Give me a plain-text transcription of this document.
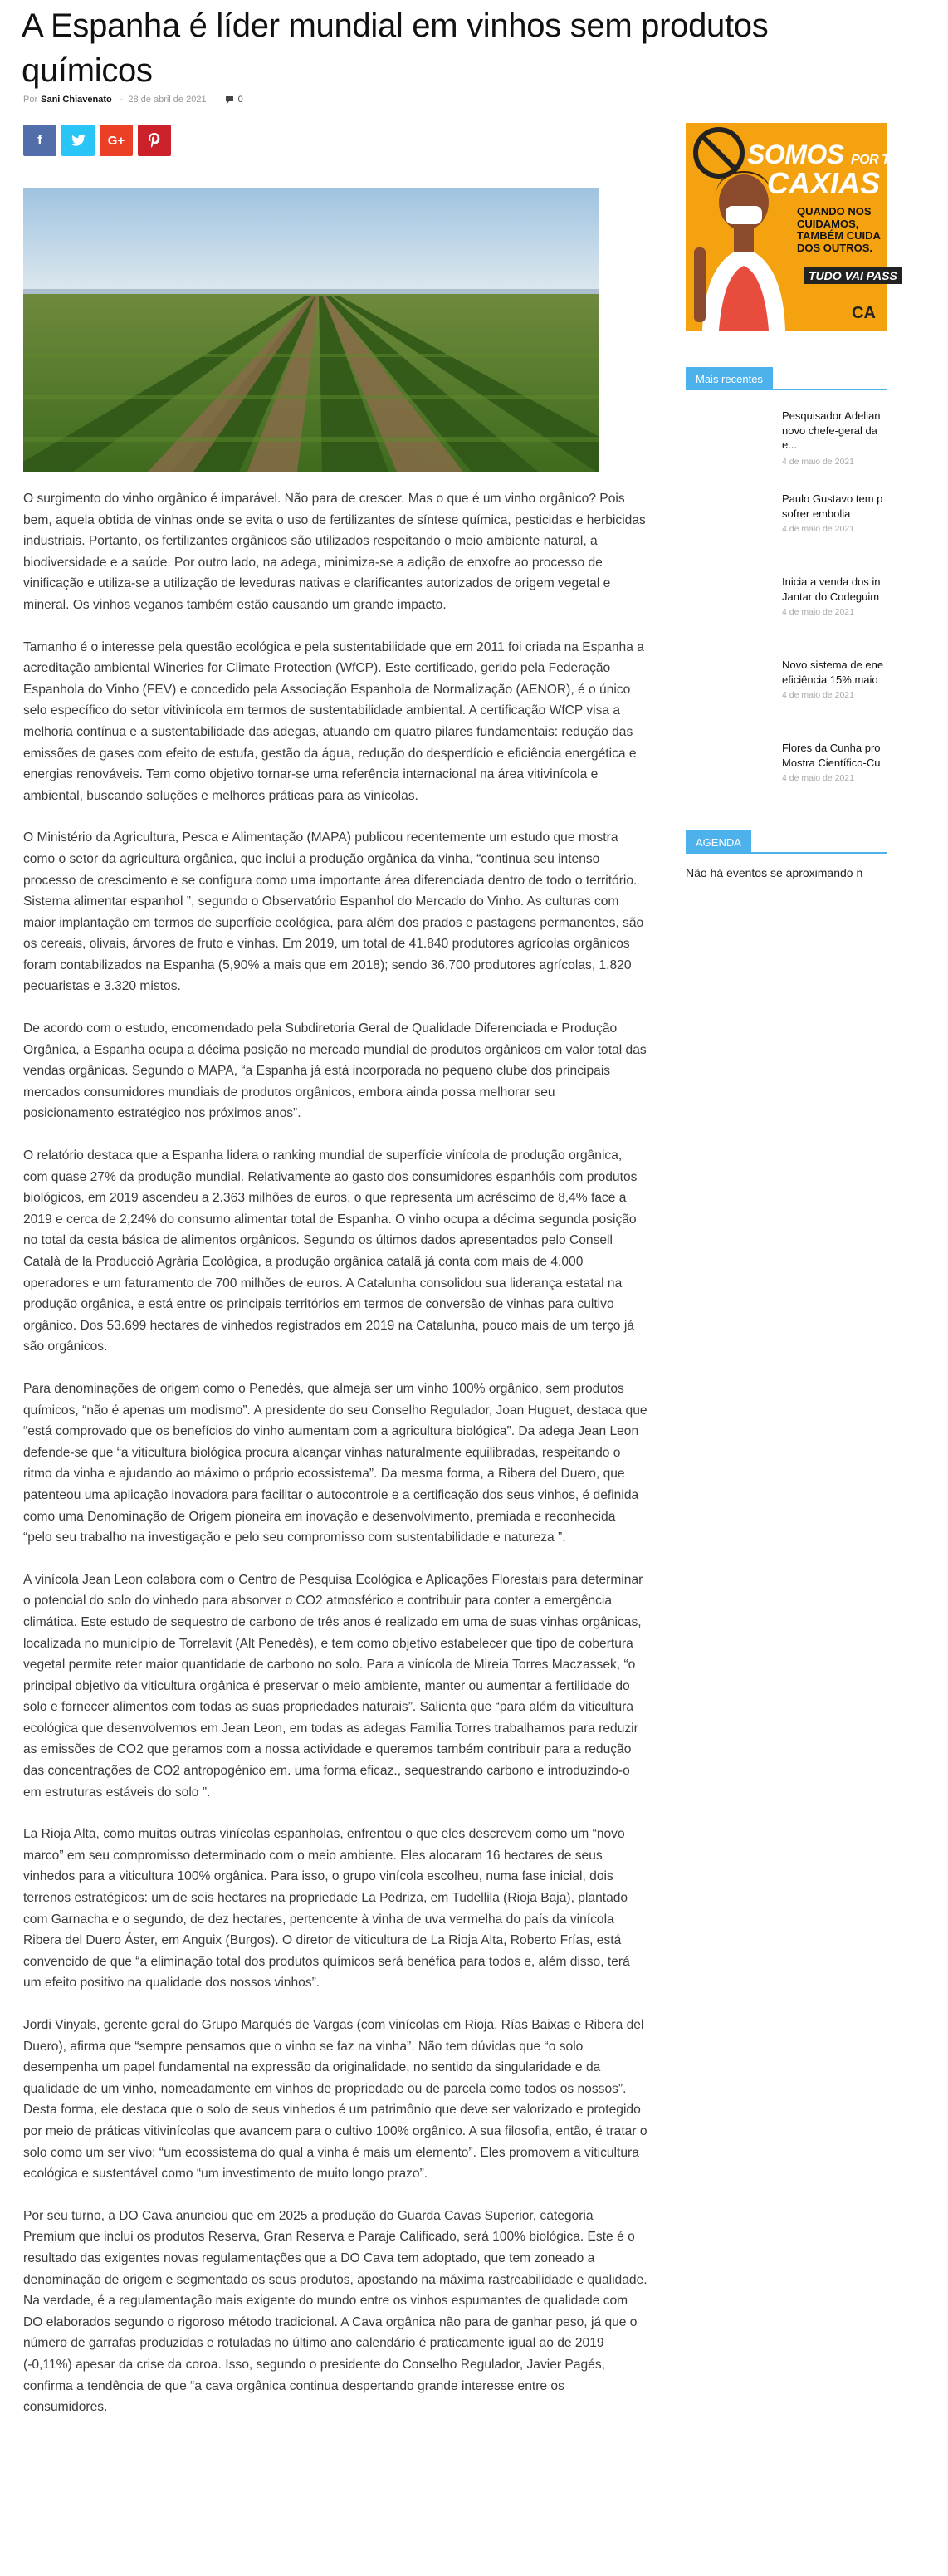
A Espanha é líder mundial em vinhos sem produtos químicos
Por Sani Chiavenato - 28 de abril de 2021	0
f	G+

O surgimento do vinho orgânico é imparável. Não para de crescer. Mas o que é um vinho orgânico? Pois bem, aquela obtida de vinhas onde se evita o uso de fertilizantes de síntese química, pesticidas e herbicidas industriais. Portanto, os fertilizantes orgânicos são utilizados respeitando o meio ambiente natural, a biodiversidade e a saúde. Por outro lado, na adega, minimiza-se a adição de enxofre ao processo de vinificação e utiliza-se a utilização de leveduras nativas e clarificantes autorizados de origem vegetal e mineral. Os vinhos veganos também estão causando um grande impacto.

Tamanho é o interesse pela questão ecológica e pela sustentabilidade que em 2011 foi criada na Espanha a acreditação ambiental Wineries for Climate Protection (WfCP). Este certificado, gerido pela Federação Espanhola do Vinho (FEV) e concedido pela Associação Espanhola de Normalização (AENOR), é o único selo específico do setor vitivinícola em termos de sustentabilidade ambiental. A certificação WfCP visa a melhoria contínua e a sustentabilidade das adegas, atuando em quatro pilares fundamentais: redução das emissões de gases com efeito de estufa, gestão da água, redução do desperdício e eficiência energética e energias renováveis. Tem como objetivo tornar-se uma referência internacional na área vitivinícola e ambiental, buscando soluções e melhores práticas para as vinícolas.

O Ministério da Agricultura, Pesca e Alimentação (MAPA) publicou recentemente um estudo que mostra como o setor da agricultura orgânica, que inclui a produção orgânica da vinha, “continua seu intenso processo de crescimento e se configura como uma importante área diferenciada dentro de todo o território. Sistema alimentar espanhol ”, segundo o Observatório Espanhol do Mercado do Vinho. As culturas com maior implantação em termos de superfície ecológica, para além dos prados e pastagens permanentes, são os cereais, olivais, árvores de fruto e vinhas. Em 2019, um total de 41.840 produtores agrícolas orgânicos foram contabilizados na Espanha (5,90% a mais que em 2018); sendo 36.700 produtores agrícolas, 1.820 pecuaristas e 3.320 mistos.

De acordo com o estudo, encomendado pela Subdiretoria Geral de Qualidade Diferenciada e Produção Orgânica, a Espanha ocupa a décima posição no mercado mundial de produtos orgânicos em valor total das vendas orgânicas. Segundo o MAPA, “a Espanha já está incorporada no pequeno clube dos principais mercados consumidores mundiais de produtos orgânicos, embora ainda possa melhorar seu posicionamento estratégico nos próximos anos”.

O relatório destaca que a Espanha lidera o ranking mundial de superfície vinícola de produção orgânica, com quase 27% da produção mundial. Relativamente ao gasto dos consumidores espanhóis com produtos biológicos, em 2019 ascendeu a 2.363 milhões de euros, o que representa um acréscimo de 8,4% face a 2019 e cerca de 2,24% do consumo alimentar total de Espanha. O vinho ocupa a décima segunda posição no total da cesta básica de alimentos orgânicos. Segundo os últimos dados apresentados pelo Consell Català de la Producció Agrària Ecològica, a produção orgânica catalã já conta com mais de 4.000 operadores e um faturamento de 700 milhões de euros. A Catalunha consolidou sua liderança estatal na produção orgânica, e está entre os principais territórios em termos de conversão de vinhas para cultivo orgânico. Dos 53.699 hectares de vinhedos registrados em 2019 na Catalunha, pouco mais de um terço já são orgânicos.

Para denominações de origem como o Penedès, que almeja ser um vinho 100% orgânico, sem produtos químicos, “não é apenas um modismo”. A presidente do seu Conselho Regulador, Joan Huguet, destaca que “está comprovado que os benefícios do vinho aumentam com a agricultura biológica”. Da adega Jean Leon defende-se que “a viticultura biológica procura alcançar vinhas naturalmente equilibradas, respeitando o ritmo da vinha e ajudando ao máximo o próprio ecossistema”. Da mesma forma, a Ribera del Duero, que patenteou uma aplicação inovadora para facilitar o autocontrole e a certificação dos seus vinhos, é definida como uma Denominação de Origem pioneira em inovação e desenvolvimento, premiada e reconhecida “pelo seu trabalho na investigação e pelo seu compromisso com sustentabilidade e natureza ”.

A vinícola Jean Leon colabora com o Centro de Pesquisa Ecológica e Aplicações Florestais para determinar o potencial do solo do vinhedo para absorver o CO2 atmosférico e contribuir para conter a emergência climática. Este estudo de sequestro de carbono de três anos é realizado em uma de suas vinhas orgânicas, localizada no município de Torrelavit (Alt Penedès), e tem como objetivo estabelecer que tipo de cobertura vegetal permite reter maior quantidade de carbono no solo. Para a vinícola de Mireia Torres Maczassek, “o principal objetivo da viticultura orgânica é preservar o meio ambiente, manter ou aumentar a fertilidade do solo e fornecer alimentos com todas as suas propriedades naturais”. Salienta que “para além da viticultura ecológica que desenvolvemos em Jean Leon, em todas as adegas Familia Torres trabalhamos para reduzir as emissões de CO2 que geramos com a nossa actividade e queremos também contribuir para a redução das concentrações de CO2 antropogénico em. uma forma eficaz., sequestrando carbono e introduzindo-o em estruturas estáveis do solo ”.

La Rioja Alta, como muitas outras vinícolas espanholas, enfrentou o que eles descrevem como um “novo marco” em seu compromisso determinado com o meio ambiente. Eles alocaram 16 hectares de seus vinhedos para a viticultura 100% orgânica. Para isso, o grupo vinícola escolheu, numa fase inicial, dois terrenos estratégicos: um de seis hectares na propriedade La Pedriza, em Tudellila (Rioja Baja), plantado com Garnacha e o segundo, de dez hectares, pertencente à vinha de uva vermelha do país da vinícola Ribera del Duero Áster, em Anguix (Burgos). O diretor de viticultura de La Rioja Alta, Roberto Frías, está convencido de que “a eliminação total dos produtos químicos será benéfica para todos e, além disso, terá um efeito positivo na qualidade dos nossos vinhos”.

Jordi Vinyals, gerente geral do Grupo Marqués de Vargas (com vinícolas em Rioja, Rías Baixas e Ribera del Duero), afirma que “sempre pensamos que o vinho se faz na vinha”. Não tem dúvidas que “o solo desempenha um papel fundamental na expressão da originalidade, no sentido da singularidade e da qualidade de um vinho, nomeadamente em vinhos de propriedade ou de parcela como todos os nossos”. Desta forma, ele destaca que o solo de seus vinhedos é um patrimônio que deve ser valorizado e protegido por meio de práticas vitivinícolas que avancem para o cultivo 100% orgânico. A sua filosofia, então, é tratar o solo como um ser vivo: “um ecossistema do qual a vinha é mais um elemento”. Eles promovem a viticultura ecológica e sustentável como “um investimento de muito longo prazo”.

Por seu turno, a DO Cava anunciou que em 2025 a produção do Guarda Cavas Superior, categoria Premium que inclui os produtos Reserva, Gran Reserva e Paraje Calificado, será 100% biológica. Este é o resultado das exigentes novas regulamentações que a DO Cava tem adoptado, que tem zoneado a denominação de origem e segmentado os seus produtos, apostando na máxima rastreabilidade e qualidade. Na verdade, é a regulamentação mais exigente do mundo entre os vinhos espumantes de qualidade com DO elaborados segundo o rigoroso método tradicional. A Cava orgânica não para de ganhar peso, já que o número de garrafas produzidas e rotuladas no último ano calendário é praticamente igual ao de 2019 (-0,11%) apesar da crise da coroa. Isso, segundo o presidente do Conselho Regulador, Javier Pagés, confirma a tendência de que “a cava orgânica continua despertando grande interesse entre os consumidores.

SOMOS POR TI,
CAXIAS
QUANDO NOS
CUIDAMOS,
TAMBÉM CUIDA
DOS OUTROS.
TUDO VAI PASS
CA
Mais recentes
Pesquisador Adelian
novo chefe-geral da
e...
4 de maio de 2021
Paulo Gustavo tem p
sofrer embolia
4 de maio de 2021
Inicia a venda dos in
Jantar do Codeguim
4 de maio de 2021
Novo sistema de ene
eficiência 15% maio
4 de maio de 2021
Flores da Cunha pro
Mostra Científico-Cu
4 de maio de 2021
AGENDA
Não há eventos se aproximando n
